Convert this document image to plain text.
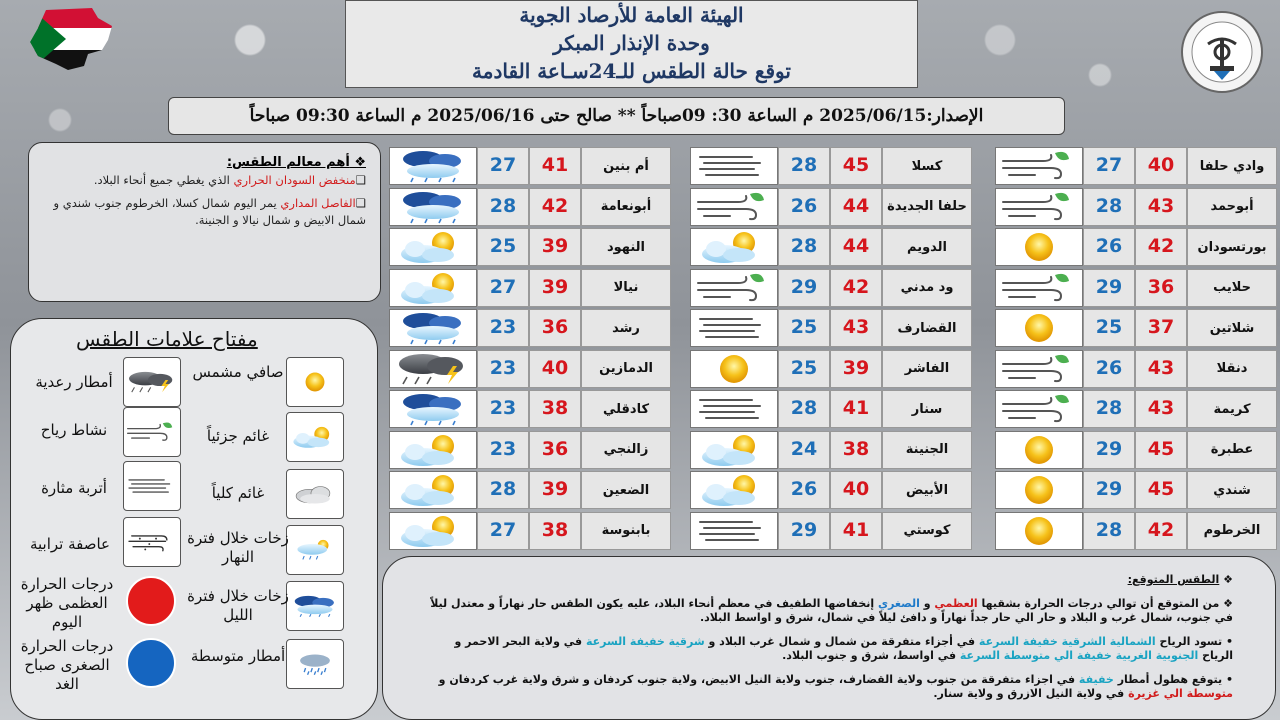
الهيئة العامة للأرصاد الجوية
وحدة الإنذار المبكر
توقع حالة الطقس للـ24سـاعة القادمة
الإصدار:2025/06/15 م الساعة 30: 09صباحاً ** صالح حتى 2025/06/16 م الساعة 09:30 صباحاً
❖ أهم معالم الطقس:

❑منخفض السودان الحراري الذي يغطي جميع أنحاء البلاد.

❑الفاصل المداري يمر اليوم شمال كسلا، الخرطوم جنوب شندي و شمال الابيض و شمال نيالا و الجنينة.

مفتاح علامات الطقس
أمطار رعدية
صافي مشمس
نشاط رياح	غائم جزئياً
أتربة مثارة	غائم كلياً
عاصفة ترابية	زخات خلال فترة النهار
درجات الحرارة العظمى ظهر اليوم
زخات خلال فترة الليل
درجات الحرارة الصغرى صباح الغد
أمطار متوسطة
27	40	وادي حلفا
28	43	أبوحمد
26	42	بورتسودان
29	36	حلايب
25	37	شلاتين
26	43	دنقلا
28	43	كريمة
29	45	عطبرة
29	45	شندي
28	42	الخرطوم
28	45	كسلا
26	44	حلفا الجديدة
28	44	الدويم
29	42	ود مدني
25	43	القضارف
25	39	الفاشر
28	41	سنار
24	38	الجنينة
26	40	الأبيض
29	41	كوستي
27	41	أم بنين
28	42	أبونعامة
25	39	النهود
27	39	نيالا
23	36	رشد
23	40	الدمازين
23	38	كادقلي
23	36	زالنجي
28	39	الضعين
27	38	بابنوسة

❖ الطقس المتوقع:

❖ من المتوقع أن توالي درجات الحرارة بشقيها العظمي و الصغري إنخفاضها الطفيف في معظم أنحاء البلاد، عليه يكون الطقس حار نهاراً و معتدل ليلاً في جنوب، شمال غرب و البلاد و حار الي حار جداً نهاراً و دافئ ليلاً في شمال، شرق و اواسط البلاد.

• تسود الرياح الشمالية الشرقية خفيفة السرعة في أجزاء متفرقة من شمال و شمال غرب البلاد و شرقية خفيفة السرعة في ولاية البحر الاحمر و الرياح الجنوبية الغربية خفيفة الي متوسطة السرعة في اواسط، شرق و جنوب البلاد.

• يتوقع هطول أمطار خفيفة في اجزاء متفرقة من جنوب ولاية القضارف، جنوب ولاية النيل الابيض، ولاية جنوب كردفان و شرق ولاية غرب كردفان و متوسطة الي غزيرة في ولاية النيل الازرق و ولاية سنار.
